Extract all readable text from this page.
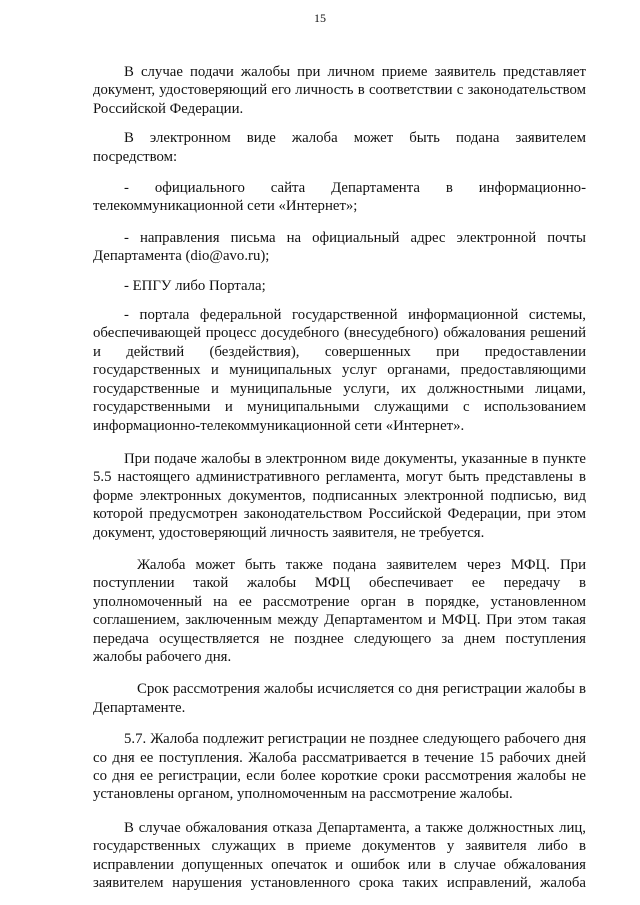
15

В случае подачи жалобы при личном приеме заявитель представляет документ, удостоверяющий его личность в соответствии с законодательством Российской Федерации.

В электронном виде жалоба может быть подана заявителем посредством:

- официального сайта Департамента в информационно-телекоммуникационной сети «Интернет»;

- направления письма на официальный адрес электронной почты Департамента (dio@avo.ru);

- ЕПГУ либо Портала;

- портала федеральной государственной информационной системы, обеспечивающей процесс досудебного (внесудебного) обжалования решений и действий (бездействия), совершенных при предоставлении государственных и муниципальных услуг органами, предоставляющими государственные и муниципальные услуги, их должностными лицами, государственными и муниципальными служащими с использованием информационно-телекоммуникационной сети «Интернет».

При подаче жалобы в электронном виде документы, указанные в пункте 5.5 настоящего административного регламента, могут быть представлены в форме электронных документов, подписанных электронной подписью, вид которой предусмотрен законодательством Российской Федерации, при этом документ, удостоверяющий личность заявителя, не требуется.

Жалоба может быть также подана заявителем через МФЦ. При поступлении такой жалобы МФЦ обеспечивает ее передачу в уполномоченный на ее рассмотрение орган в порядке, установленном соглашением, заключенным между Департаментом и МФЦ. При этом такая передача осуществляется не позднее следующего за днем поступления жалобы рабочего дня.

Срок рассмотрения жалобы исчисляется со дня регистрации жалобы в Департаменте.

5.7. Жалоба подлежит регистрации не позднее следующего рабочего дня со дня ее поступления. Жалоба рассматривается в течение 15 рабочих дней со дня ее регистрации, если более короткие сроки рассмотрения жалобы не установлены органом, уполномоченным на рассмотрение жалобы.

В случае обжалования отказа Департамента, а также должностных лиц, государственных служащих в приеме документов у заявителя либо в исправлении допущенных опечаток и ошибок или в случае обжалования заявителем нарушения установленного срока таких исправлений, жалоба
